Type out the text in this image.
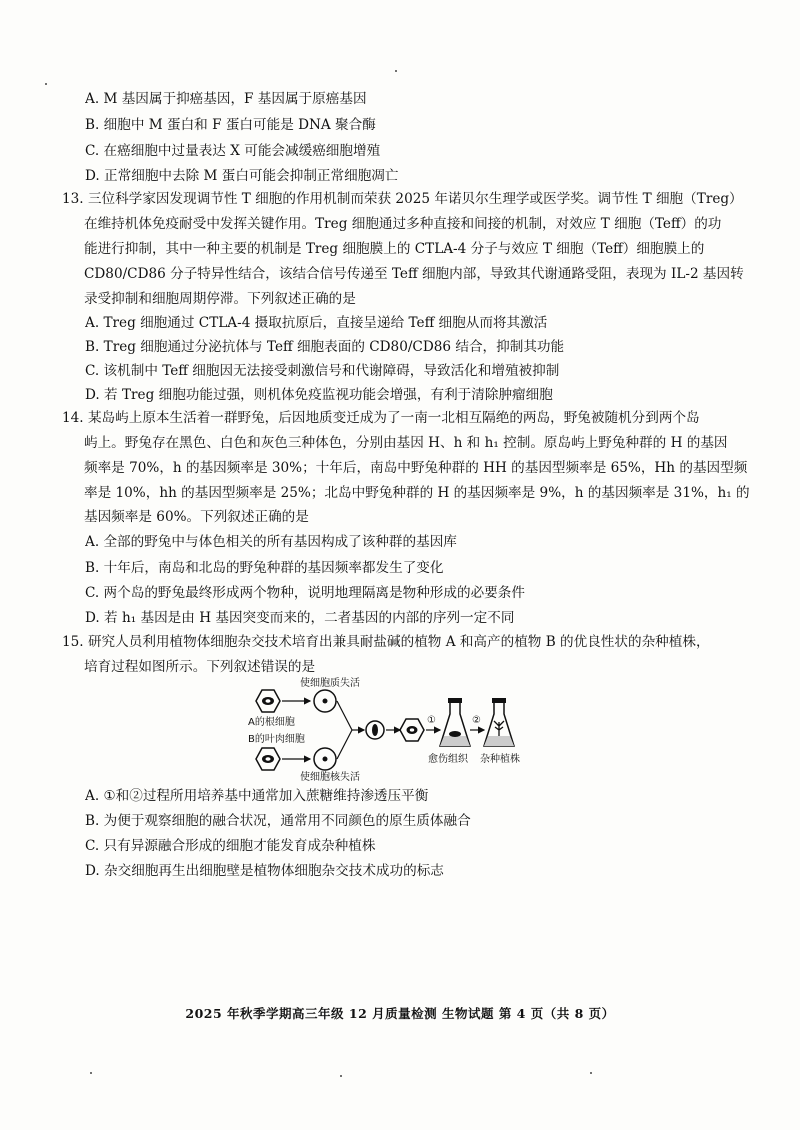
A. M 基因属于抑癌基因，F 基因属于原癌基因
B. 细胞中 M 蛋白和 F 蛋白可能是 DNA 聚合酶
C. 在癌细胞中过量表达 X 可能会减缓癌细胞增殖
D. 正常细胞中去除 M 蛋白可能会抑制正常细胞凋亡
13. 三位科学家因发现调节性 T 细胞的作用机制而荣获 2025 年诺贝尔生理学或医学奖。调节性 T 细胞（Treg）
在维持机体免疫耐受中发挥关键作用。Treg 细胞通过多种直接和间接的机制，对效应 T 细胞（Teff）的功
能进行抑制，其中一种主要的机制是 Treg 细胞膜上的 CTLA-4 分子与效应 T 细胞（Teff）细胞膜上的
CD80/CD86 分子特异性结合，该结合信号传递至 Teff 细胞内部，导致其代谢通路受阻，表现为 IL-2 基因转
录受抑制和细胞周期停滞。下列叙述正确的是
A. Treg 细胞通过 CTLA-4 摄取抗原后，直接呈递给 Teff 细胞从而将其激活
B. Treg 细胞通过分泌抗体与 Teff 细胞表面的 CD80/CD86 结合，抑制其功能
C. 该机制中 Teff 细胞因无法接受刺激信号和代谢障碍，导致活化和增殖被抑制
D. 若 Treg 细胞功能过强，则机体免疫监视功能会增强，有利于清除肿瘤细胞
14. 某岛屿上原本生活着一群野兔，后因地质变迁成为了一南一北相互隔绝的两岛，野兔被随机分到两个岛
屿上。野兔存在黑色、白色和灰色三种体色，分别由基因 H、h 和 h₁ 控制。原岛屿上野兔种群的 H 的基因
频率是 70%，h 的基因频率是 30%；十年后，南岛中野兔种群的 HH 的基因型频率是 65%，Hh 的基因型频
率是 10%，hh 的基因型频率是 25%；北岛中野兔种群的 H 的基因频率是 9%，h 的基因频率是 31%，h₁ 的
基因频率是 60%。下列叙述正确的是
A. 全部的野兔中与体色相关的所有基因构成了该种群的基因库
B. 十年后，南岛和北岛的野兔种群的基因频率都发生了变化
C. 两个岛的野兔最终形成两个物种，说明地理隔离是物种形成的必要条件
D. 若 h₁ 基因是由 H 基因突变而来的，二者基因的内部的序列一定不同
15. 研究人员利用植物体细胞杂交技术培育出兼具耐盐碱的植物 A 和高产的植物 B 的优良性状的杂种植株，
培育过程如图所示。下列叙述错误的是
使细胞质失活
A的根细胞
B的叶肉细胞
使细胞核失活
①	②
愈伤组织 杂种植株
A. ①和②过程所用培养基中通常加入蔗糖维持渗透压平衡
B. 为便于观察细胞的融合状况，通常用不同颜色的原生质体融合
C. 只有异源融合形成的细胞才能发育成杂种植株
D. 杂交细胞再生出细胞壁是植物体细胞杂交技术成功的标志
2025 年秋季学期高三年级 12 月质量检测 生物试题 第 4 页（共 8 页）
